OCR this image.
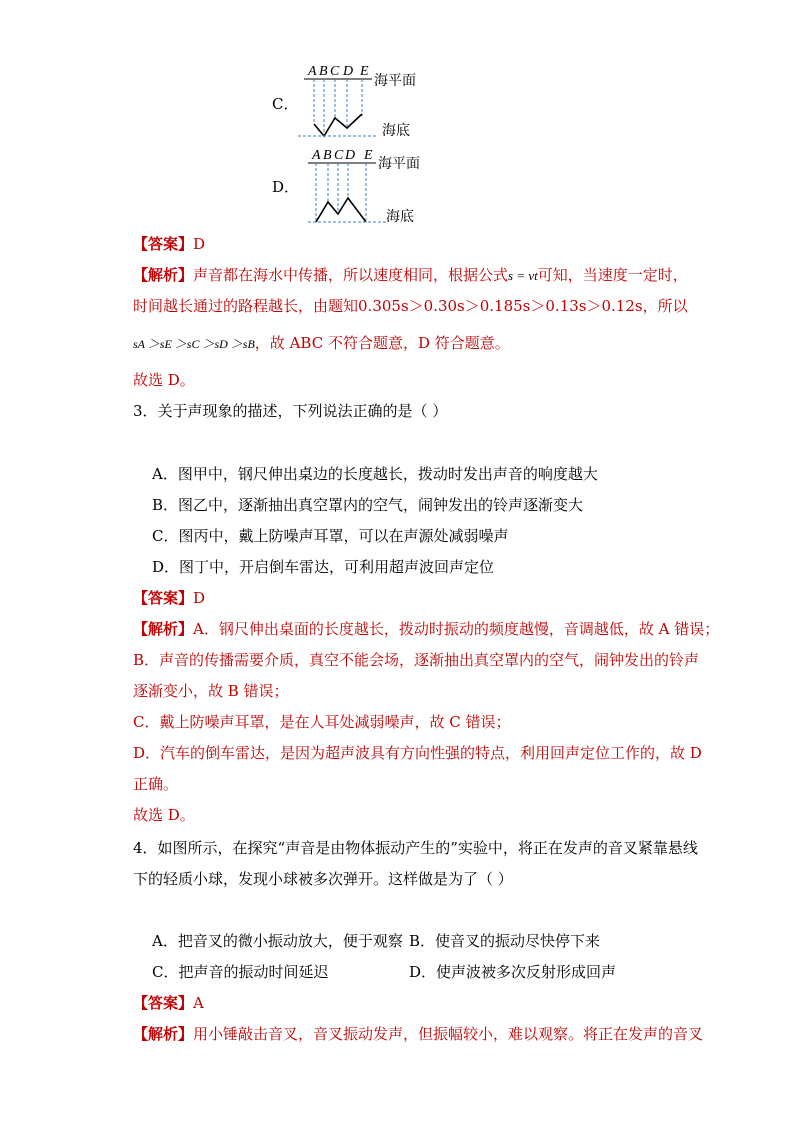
C．
A B C D E
海平面
海底
D．
A B C D E
海平面
海底
【答案】D
【解析】声音都在海水中传播，所以速度相同，根据公式s = vt可知，当速度一定时，
时间越长通过的路程越长，由题知0.305s＞0.30s＞0.185s＞0.13s＞0.12s，所以
sA ＞sE ＞sC ＞sD ＞sB，故 ABC 不符合题意，D 符合题意。
故选 D。
3．关于声现象的描述，下列说法正确的是（ ）
A．图甲中，钢尺伸出桌边的长度越长，拨动时发出声音的响度越大
B．图乙中，逐渐抽出真空罩内的空气，闹钟发出的铃声逐渐变大
C．图丙中，戴上防噪声耳罩，可以在声源处减弱噪声
D．图丁中，开启倒车雷达，可利用超声波回声定位
【答案】D
【解析】A．钢尺伸出桌面的长度越长，拨动时振动的频度越慢，音调越低，故 A 错误；
B．声音的传播需要介质，真空不能会场，逐渐抽出真空罩内的空气，闹钟发出的铃声
逐渐变小，故 B 错误；
C．戴上防噪声耳罩，是在人耳处减弱噪声，故 C 错误；
D．汽车的倒车雷达，是因为超声波具有方向性强的特点，利用回声定位工作的，故 D
正确。
故选 D。
4．如图所示，在探究“声音是由物体振动产生的”实验中，将正在发声的音叉紧靠悬线
下的轻质小球，发现小球被多次弹开。这样做是为了（ ）
A．把音叉的微小振动放大，便于观察 B．使音叉的振动尽快停下来
C．把声音的振动时间延迟	D．使声波被多次反射形成回声
【答案】A
【解析】用小锤敲击音叉，音叉振动发声，但振幅较小，难以观察。将正在发声的音叉
